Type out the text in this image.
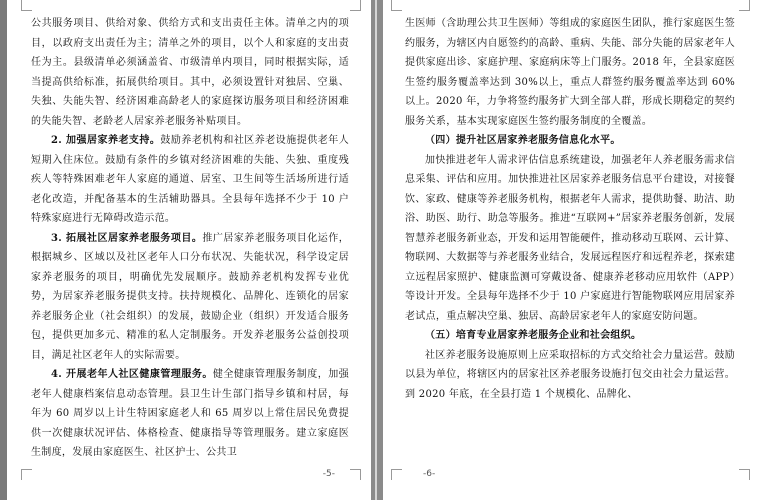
公共服务项目、供给对象、供给方式和支出责任主体。清单之内的项目，以政府支出责任为主；清单之外的项目，以个人和家庭的支出责任为主。县级清单必须涵盖省、市级清单内项目，同时根据实际，适当提高供给标准，拓展供给项目。其中，必须设置针对独居、空巢、失独、失能失智、经济困难高龄老人的家庭探访服务项目和经济困难的失能失智、老龄老人居家养老服务补贴项目。

2. 加强居家养老支持。鼓励养老机构和社区养老设施提供老年人短期入住床位。鼓励有条件的乡镇对经济困难的失能、失独、重度残疾人等特殊困难老年人家庭的通道、居室、卫生间等生活场所进行适老化改造，并配备基本的生活辅助器具。全县每年选择不少于 10 户特殊家庭进行无障碍改造示范。

3. 拓展社区居家养老服务项目。推广居家养老服务项目化运作，根据城乡、区域以及社区老年人口分布状况、失能状况，科学设定居家养老服务的项目，明确优先发展顺序。鼓励养老机构发挥专业优势，为居家养老服务提供支持。扶持规模化、品牌化、连锁化的居家养老服务企业（社会组织）的发展，鼓励企业（组织）开发适合服务包，提供更加多元、精准的私人定制服务。开发养老服务公益创投项目，满足社区老年人的实际需要。

4. 开展老年人社区健康管理服务。健全健康管理服务制度，加强老年人健康档案信息动态管理。县卫生计生部门指导乡镇和村居，每年为 60 周岁以上计生特困家庭老人和 65 周岁以上常住居民免费提供一次健康状况评估、体格检查、健康指导等管理服务。建立家庭医生制度，发展由家庭医生、社区护士、公共卫

-5-

生医师（含助理公共卫生医师）等组成的家庭医生团队，推行家庭医生签约服务，为辖区内自愿签约的高龄、重病、失能、部分失能的居家老年人提供家庭出诊、家庭护理、家庭病床等上门服务。2018 年，全县家庭医生签约服务覆盖率达到 30%以上，重点人群签约服务覆盖率达到 60%以上。2020 年，力争将签约服务扩大到全部人群，形成长期稳定的契约服务关系，基本实现家庭医生签约服务制度的全覆盖。

（四）提升社区居家养老服务信息化水平。

加快推进老年人需求评估信息系统建设，加强老年人养老服务需求信息采集、评估和应用。加快推进社区居家养老服务信息平台建设，对接餐饮、家政、健康等养老服务机构，根据老年人需求，提供助餐、助洁、助浴、助医、助行、助急等服务。推进“互联网+”居家养老服务创新，发展智慧养老服务新业态，开发和运用智能硬件，推动移动互联网、云计算、物联网、大数据等与养老服务业结合，发展远程医疗和远程养老，探索建立远程居家照护、健康监测可穿戴设备、健康养老移动应用软件（APP）等设计开发。全县每年选择不少于 10 户家庭进行智能物联网应用居家养老试点，重点解决空巢、独居、高龄居家老年人的家庭安防问题。

（五）培育专业居家养老服务企业和社会组织。

社区养老服务设施原则上应采取招标的方式交给社会力量运营。鼓励以县为单位，将辖区内的居家社区养老服务设施打包交由社会力量运营。到 2020 年底，在全县打造 1 个规模化、品牌化、

-6-
